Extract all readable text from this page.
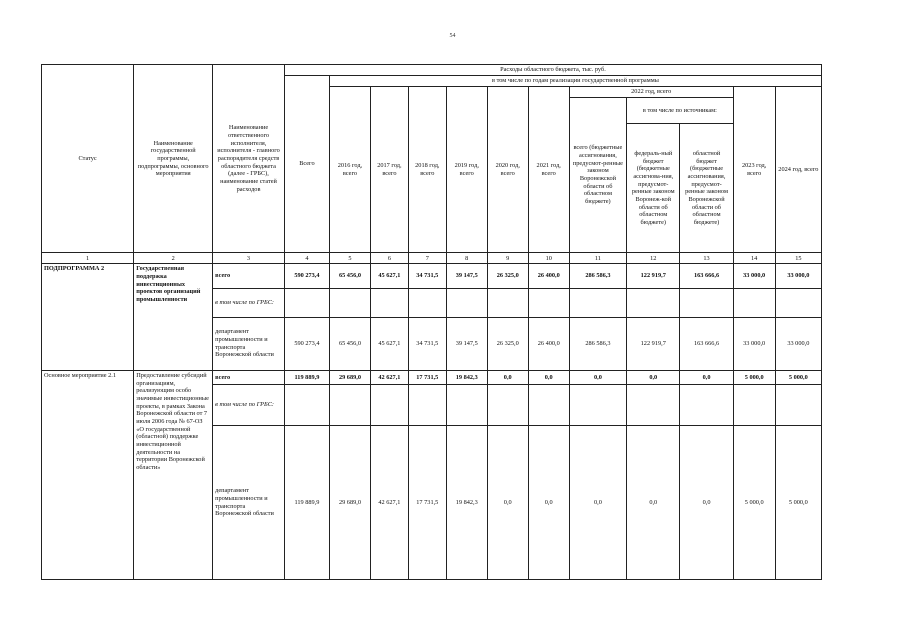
54
Статус	Наименование государственной программы, подпрограммы, основного мероприятия	Наименование ответственного исполнителя, исполнителя - главного распорядителя средств областного бюджета (далее - ГРБС), наименование статей расходов	Расходы областного бюджета, тыс. руб.											
			Всего	в том числе по годам реализации государственной программы										
				2016 год, всего	2017 год, всего	2018 год, всего	2019 год, всего	2020 год, всего	2021 год, всего	2022 год, всего			2023 год, всего	2024 год, всего
										всего (бюджетные ассигнования, предусмот-ренные законом Воронежской области об областном бюджете)	в том числе по источникам:			
											федераль-ный бюджет (бюджетные ассигнова-ния, предусмот-ренные законом Воронеж-кой области об областном бюджете)	областной бюджет (бюджетные ассигнования, предусмот-ренные законом Воронежской области об областном бюджете)		
1	2	3	4	5	6	7	8	9	10	11	12	13	14	15
ПОДПРОГРАММА 2	Государственная поддержка инвестиционных проектов организаций промышленности	всего	590 273,4	65 456,0	45 627,1	34 731,5	39 147,5	26 325,0	26 400,0	286 586,3	122 919,7	163 666,6	33 000,0	33 000,0
		в том числе по ГРБС:												
		департамент промышленности и транспорта Воронежской области	590 273,4	65 456,0	45 627,1	34 731,5	39 147,5	26 325,0	26 400,0	286 586,3	122 919,7	163 666,6	33 000,0	33 000,0
Основное мероприятие 2.1	Предоставление субсидий организациям, реализующим особо значимые инвестиционные проекты, в рамках Закона Воронежской области от 7 июля 2006 года № 67-ОЗ «О государственной (областной) поддержке инвестиционной деятельности на территории Воронежской области»	всего	119 889,9	29 689,0	42 627,1	17 731,5	19 842,3	0,0	0,0	0,0	0,0	0,0	5 000,0	5 000,0
		в том числе по ГРБС:												
		департамент промышленности и транспорта Воронежской области	119 889,9	29 689,0	42 627,1	17 731,5	19 842,3	0,0	0,0	0,0	0,0	0,0	5 000,0	5 000,0
